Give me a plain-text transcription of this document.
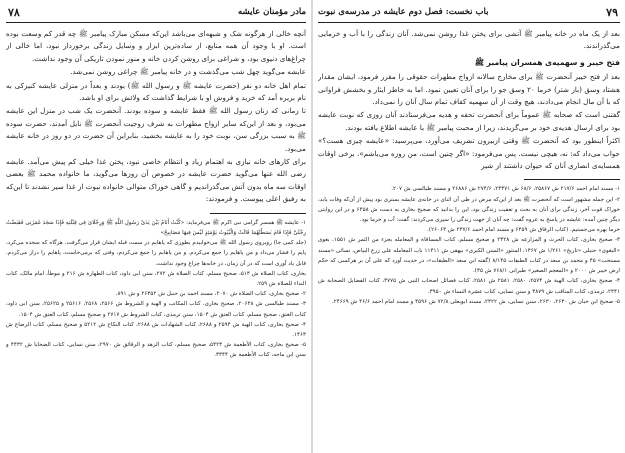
مادر مؤمنان عایشه
۷۸

آنچه خالی از هرگونه شک و شبهه‌ای می‌باشد این‌که مسکن مبارک پیامبر ﷺ چه‌ قدر کم وسعت بوده است. او با وجود آن همه منابع، از ساده‌ترین ابزار و وسایل زندگی برخوردار نبود، اما خالی از چراغ‌های دنیوی بود، و شراغی برای روشن کردن خانه و منور نمودن تاریکی آن وجود نداشت.

عایشه می‌گوید چهل شب می‌گذشت و در خانه پیامبر ﷺ چراغی روشن نمی‌شد.

تمام اهل خانه دو نفر (حضرت عایشه ﷺ و رسول الله ﷺ) بودند و بعداً در منزلی عایشه کنیزکی به نام بریره آمد که خرید و فروش او با شرایط گذاشت که ولائش برای او باشد.

تا زمانی که زنان رسول الله ﷺ فقط عایشه و سوده بودند. آنحضرت یک شب در منزل این عایشه می‌بود، و بعد از این‌که سایر ازواج مطهرات به شرف زوجیت آنحضرت ﷺ نایل آمدند، حضرت سوده ﷺ به سبب بزرگی سن، نوبت خود را به عایشه بخشید، بنابراین آن حضرت در دو روز در خانه عایشه می‌بود.

برای کارهای خانه نیازی به اهتمام زیاد و انتظام خاصی نبود، پختن غذا خیلی کم پیش می‌آمد. عایشه رضی الله عنها می‌گوید حضرت عایشه در خصوص آن روزها می‌گوید، ما خانواده محمد ﷺ بعضی اوقات سه ماه بدون آتش می‌گذراندیم و گاهی خوراک متوالی خانواده نبوت از غذا سیر نشدند تا این‌که به رفیق اعلی پیوست. و فرمودند:

۱- عایشه ﷺ همسر گرامی نبی اکرم ﷺ می‌فرماید: «کُنْتُ أَنَامُ بَیْنَ یَدَیْ رَسُولِ اللَّهِ ﷺ وَرِجْلَایَ فِی قِبْلَتِهِ فَإِذَا سَجَدَ غَمَزَنِی فَقَبَضْتُ رِجْلَیَّ فَإِذَا قَامَ بَسَطْتُهُمَا قَالَتْ وَالْبُیُوتُ یَوْمَئِذٍ لَیْسَ فِیهَا مَصَابِیحُ»

(جلد کمی جا) روبروی رسول الله ﷺ می‌خوابیدم بطوری که پاهایم در سمت قبله ایشان قرار می‌گرفت. هرگاه که سجده می‌کرد، پایم را فشار می‌داد و من پاهایم را جمع می‌کردم. و من پاهایم را جمع می‌کردم، وقتی که برمی‌خاست، پاهایم را دراز می‌کردم. قابل یاد آوری است که در آن زمان، در خانه‌ها چراغ وجود نداشت.

بخاری، کتاب الصلاة ش ۵۱۳، صحیح مسلم، کتاب الصلاة ش ۲۷۲، سنن ابی داود، کتاب الطهارة ش ۲۱۶ و موطأ، امام مالک، کتاب النداء للصلاة ش ۲۵۹.

۲- صحیح بخاری، کتاب الصلاة ش ۲۰۷۰، مسند احمد بن حنبل ش ۲۶۳۵۲ و ش ۸۹۱.

۳- مسند طیالسی ش ۲۰۶۴۸، صحیح بخاری، کتاب المکاتب و الهبة و الشروط ش ۲۵۶۶، ۲۵۶۸، ۲۵۶۱۶ و ۲۵۶۲۵، سنن ابی داود، کتاب العتق، صحیح مسلم، کتاب العتق ش ۱۵۰۴، سنن ترمذی، کتاب الشروط ش ۲۷۱۷ و صحیح مسلم، کتاب العتق ش ۱۵۰۴.

۴- صحیح بخاری، کتاب الهبة ش ۲۵۹۴ و ۲۶۸۸، کتاب الشهادات ش ۲۶۸۸، کتاب النکاح ش ۵۲۱۲ و صحیح مسلم، کتاب الرضاع ش ۱۴۶۳.

۵- صحیح بخاری، کتاب الأطعمة ش ۵۴۲۳، صحیح مسلم، کتاب الزهد و الرقائق ش ۲۹۷۰، سنن نسایی، کتاب الضحایا ش ۴۴۳۲ و سنن ابن ماجه، کتاب الأطعمة ش ۳۳۴۴.

۷۹
باب نخست: فصل دوم عایشه در مدرسه‌ی نبوت

بعد از یک ماه در خانه پیامبر ﷺ آتشی برای پختن غذا روشن نمی‌شد. آنان زندگی را با آب و خرمایی می‌گذراندند.

فتح خیبر و سهمیه‌ی همسران پیامبر ﷺ

بعد از فتح خیبر آنحضرت ﷺ برای مخارج سالانه ازواج مطهرات حقوقی را مقرر فرمود، ایشان مقدار هشتاد وسق (بار شتر) خرما ۲۰ وسق جو را برای آنان تعیین نمود. اما به خاطر ایثار و بخشش فراوانی که با آن مال انجام می‌دادند، هیچ وقت از آن سهمیه کفاف تمام سال آنان را نمی‌داد.

گفتنی است که صحابه ﷺ عموماً برای آنحضرت تحفه و هدیه می‌فرستادند آنان روزی که نوبت عایشه بود برای ارسال هدیه‌ی خود بر می‌گزیدند، زیرا از محبت پیامبر ﷺ با عایشه اطلاع یافته بودند.

اکثراً اینطور بود که آنحضرت ﷺ وقتی ازبیرون تشریف می‌آورد، می‌پرسید: «عایشه چیزی هست؟» جواب می‌داد که: نه، هیچی نیست. پس می‌فرمود: «اگر چنین است، من روزه می‌باشم». برخی اوقات همسایه‌ی انصاری آنان که حیوان داشتند از شیر

۱- مسند امام احمد ۲۱۷/۶ ش ۲۵۸۶۷، ۶۸/۶ ش ۲۴۳۷۱، ۲۷۴/۶ ش ۲۶۸۸۶ و مسند طیالسی ش ۲۰۷.

۲- این جمله مشهور است که آنحضرت ﷺ بعد از این‌که مرض در طی آن اثنای در خانه‌ی عایشه بستری بود پیش از آن‌که وفات یابد، خوراک قوت آخر، زندگی برای آنان به بحث و تعقیب زندگی بود، این را بدانید که صحیح بخاری به دست ش ۶۴۵۸ و در این روایتی دیگر چنین آمده: عایشه در پاسخ به عروه گفت: چه آنان از جهت زندگی را سپری می‌کردند: گفت: آب و خرما بود.

خرما بهره می‌جستیم. (کتاب الرقاق ش ۶۴۵۹ و مسند امام احمد ۲۳۷/۶ ش ۲۶۰۶۳).

۳- صحیح بخاری، کتاب الحرث و المزارعه ش ۲۳۲۸ و صحیح مسلم، کتاب المساقاة و المعامله بجزء من الثمر ش ۱۵۵۱، بغوی «البغوی» حنبلی «تاریخ» ۱/۲۶۱ ش ۱۴۶۷، المنثور «السنن الکبری» بیهقی ش ۱۱۴۱۱ باب المعامله علی زرع البیاض، نسائی «مسند مستحب» ۴۵ و محمد بن سعد در کتاب الطبقات ۸/۱۴۵ (گفته ابن سعد «الطبقات»، در حدیث آورد که علی آن بر هرکسی که حکم ارض خیبر ش ۲۰۰۰ و «المعجم الصغیر» طبرانی ۷۶۸/۱ ش ۳۵).

۴- صحیح بخاری، کتاب الهبة ش ۲۵۷۴، ۲۵۸۰، ۲۵۸۱ ش ۲۵۸۱، کتاب فضائل اصحاب النبی ش ۳۷۷۵، کتاب الفضایل الصحابة ش ۲۴۴۱، ترمذی، کتاب المناقب ش ۳۸۷۹ و سنن نسایی، کتاب عشرة النساء ش ۳۹۵۰.

۵- صحیح ابن حبان ش ۲۶۳۰، ۲۶۳۰، سنن نسایی، ش ۲۳۲۲، مسند ابوبعلی ۷۲/۸ ش ۴۵۹۶ و مسند امام احمد ۴۶/۶ ش ۲۴۶۶۹.
